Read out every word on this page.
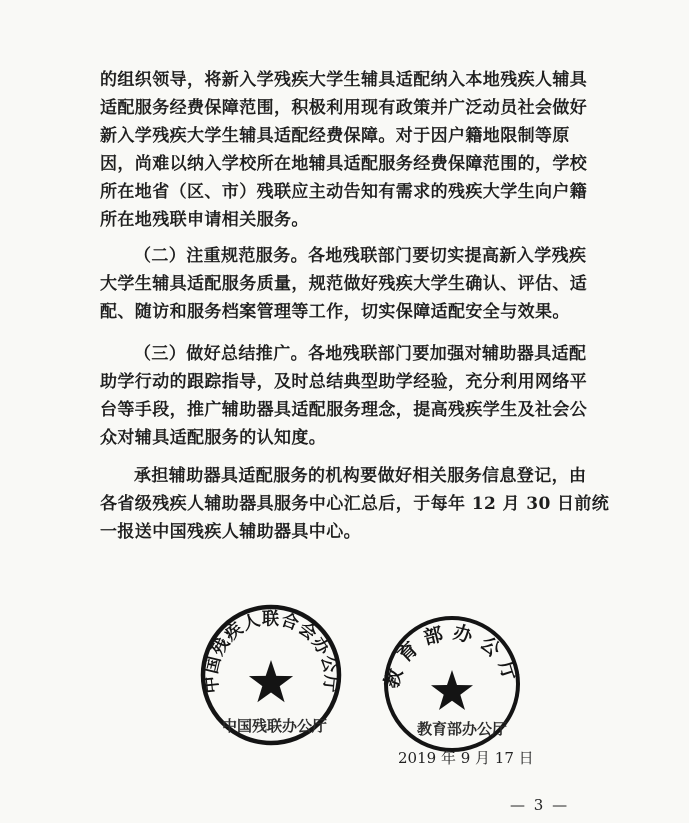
的组织领导，将新入学残疾大学生辅具适配纳入本地残疾人辅具
适配服务经费保障范围，积极利用现有政策并广泛动员社会做好
新入学残疾大学生辅具适配经费保障。对于因户籍地限制等原
因，尚难以纳入学校所在地辅具适配服务经费保障范围的，学校
所在地省（区、市）残联应主动告知有需求的残疾大学生向户籍
所在地残联申请相关服务。
（二）注重规范服务。各地残联部门要切实提高新入学残疾
大学生辅具适配服务质量，规范做好残疾大学生确认、评估、适
配、随访和服务档案管理等工作，切实保障适配安全与效果。
（三）做好总结推广。各地残联部门要加强对辅助器具适配
助学行动的跟踪指导，及时总结典型助学经验，充分利用网络平
台等手段，推广辅助器具适配服务理念，提高残疾学生及社会公
众对辅具适配服务的认知度。
承担辅助器具适配服务的机构要做好相关服务信息登记，由
各省级残疾人辅助器具服务中心汇总后，于每年 12 月 30 日前统
一报送中国残疾人辅助器具中心。
中国残疾人联合会办公厅 教育部办公厅
中国残联办公厅	教育部办公厅
2019 年 9 月 17 日
— 3 —
